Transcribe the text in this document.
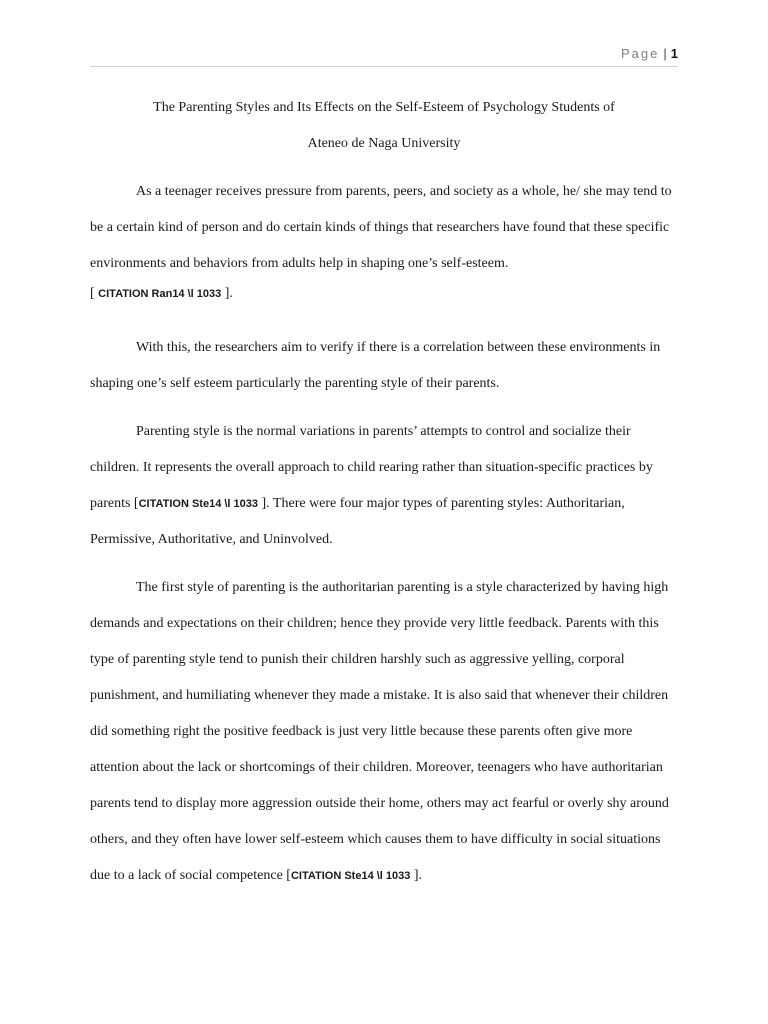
Page | 1

The Parenting Styles and Its Effects on the Self-Esteem of Psychology Students of

Ateneo de Naga University

As a teenager receives pressure from parents, peers, and society as a whole, he/ she may tend to be a certain kind of person and do certain kinds of things that researchers have found that these specific environments and behaviors from adults help in shaping one’s self-esteem.

[ CITATION Ran14 \l 1033 ].

With this, the researchers aim to verify if there is a correlation between these environments in shaping one’s self esteem particularly the parenting style of their parents.

Parenting style is the normal variations in parents’ attempts to control and socialize their children. It represents the overall approach to child rearing rather than situation-specific practices by parents [CITATION Ste14 \l 1033 ]. There were four major types of parenting styles: Authoritarian, Permissive, Authoritative, and Uninvolved.

The first style of parenting is the authoritarian parenting is a style characterized by having high demands and expectations on their children; hence they provide very little feedback. Parents with this type of parenting style tend to punish their children harshly such as aggressive yelling, corporal punishment, and humiliating whenever they made a mistake. It is also said that whenever their children did something right the positive feedback is just very little because these parents often give more attention about the lack or shortcomings of their children. Moreover, teenagers who have authoritarian parents tend to display more aggression outside their home, others may act fearful or overly shy around others, and they often have lower self-esteem which causes them to have difficulty in social situations due to a lack of social competence [CITATION Ste14 \l 1033 ].
